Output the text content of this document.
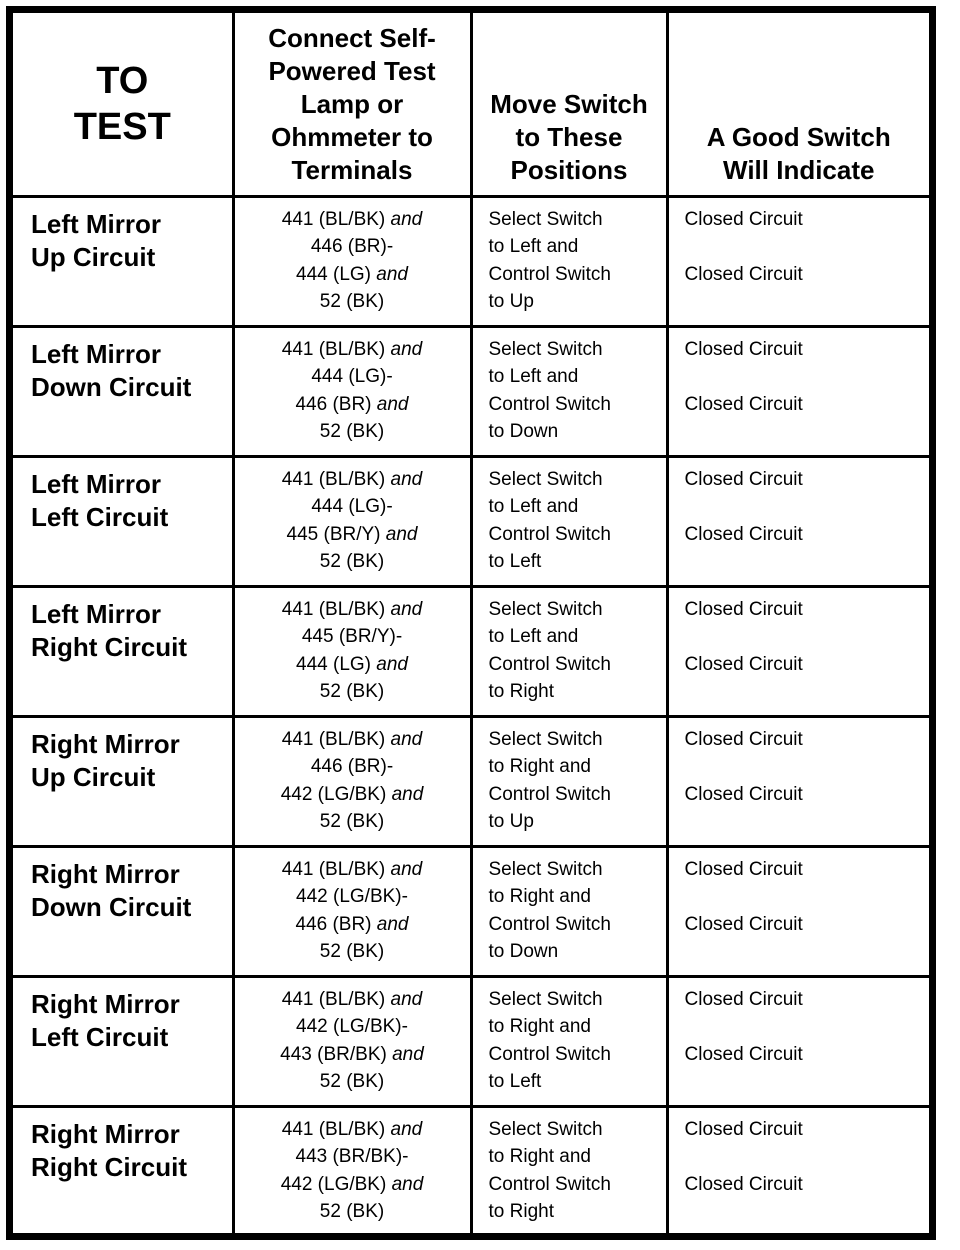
TO
TEST	Connect Self-
Powered Test
Lamp or
Ohmmeter to
Terminals	Move Switch
to These
Positions	A Good Switch
Will Indicate

Left Mirror
Up Circuit	441 (BL/BK) and
446 (BR)-
444 (LG) and
52 (BK)	Select Switch
to Left and
Control Switch
to Up	Closed Circuit
Closed Circuit

Left Mirror
Down Circuit	441 (BL/BK) and
444 (LG)-
446 (BR) and
52 (BK)	Select Switch
to Left and
Control Switch
to Down	Closed Circuit
Closed Circuit

Left Mirror
Left Circuit	441 (BL/BK) and
444 (LG)-
445 (BR/Y) and
52 (BK)	Select Switch
to Left and
Control Switch
to Left	Closed Circuit
Closed Circuit

Left Mirror
Right Circuit	441 (BL/BK) and
445 (BR/Y)-
444 (LG) and
52 (BK)	Select Switch
to Left and
Control Switch
to Right	Closed Circuit
Closed Circuit

Right Mirror
Up Circuit	441 (BL/BK) and
446 (BR)-
442 (LG/BK) and
52 (BK)	Select Switch
to Right and
Control Switch
to Up	Closed Circuit
Closed Circuit

Right Mirror
Down Circuit	441 (BL/BK) and
442 (LG/BK)-
446 (BR) and
52 (BK)	Select Switch
to Right and
Control Switch
to Down	Closed Circuit
Closed Circuit

Right Mirror
Left Circuit	441 (BL/BK) and
442 (LG/BK)-
443 (BR/BK) and
52 (BK)	Select Switch
to Right and
Control Switch
to Left	Closed Circuit
Closed Circuit

Right Mirror
Right Circuit	441 (BL/BK) and
443 (BR/BK)-
442 (LG/BK) and
52 (BK)	Select Switch
to Right and
Control Switch
to Right	Closed Circuit
Closed Circuit
